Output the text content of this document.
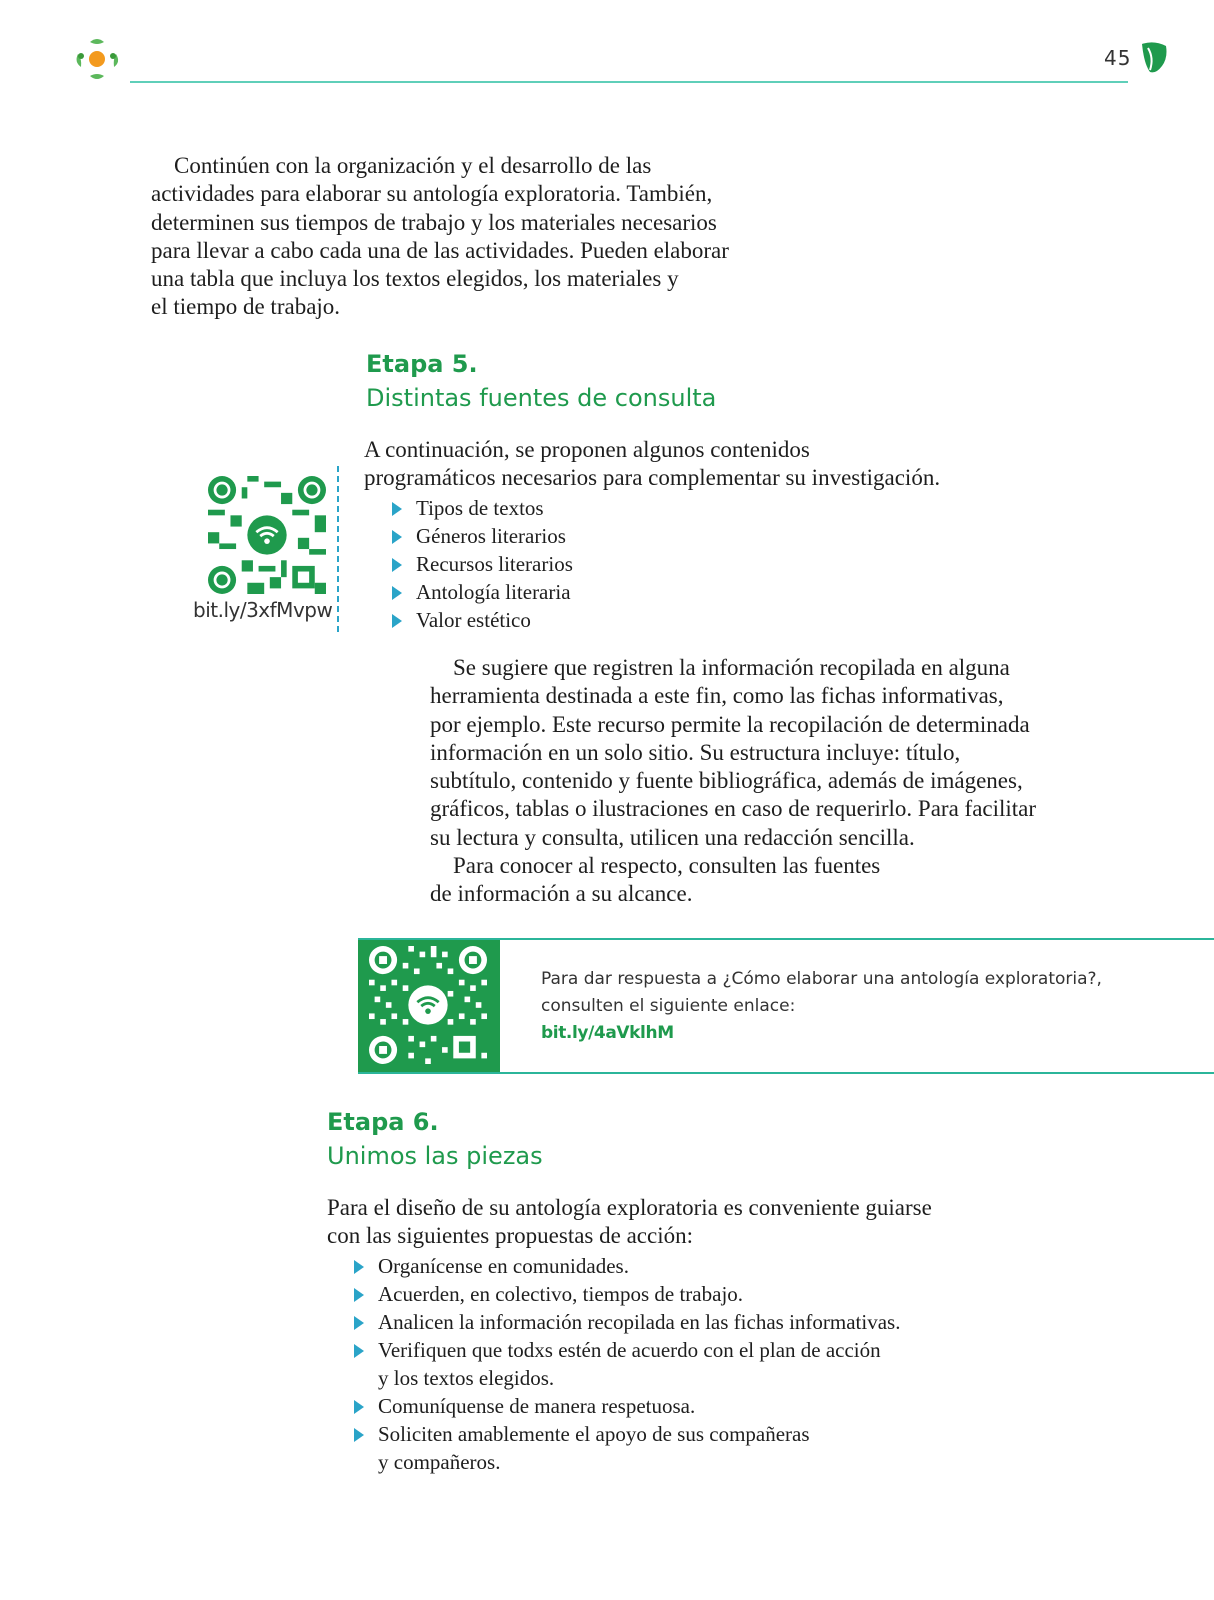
45

Continúen con la organización y el desarrollo de las

actividades para elaborar su antología exploratoria. También,

determinen sus tiempos de trabajo y los materiales necesarios

para llevar a cabo cada una de las actividades. Pueden elaborar

una tabla que incluya los textos elegidos, los materiales y

el tiempo de trabajo.

Etapa 5.
Distintas fuentes de consulta
bit.ly/3xfMvpw

A continuación, se proponen algunos contenidos

programáticos necesarios para complementar su investigación.

Tipos de textos
Géneros literarios
Recursos literarios
Antología literaria
Valor estético

Se sugiere que registren la información recopilada en alguna

herramienta destinada a este fin, como las fichas informativas,

por ejemplo. Este recurso permite la recopilación de determinada

información en un solo sitio. Su estructura incluye: título,

subtítulo, contenido y fuente bibliográfica, además de imágenes,

gráficos, tablas o ilustraciones en caso de requerirlo. Para facilitar

su lectura y consulta, utilicen una redacción sencilla.

Para conocer al respecto, consulten las fuentes

de información a su alcance.

Para dar respuesta a ¿Cómo elaborar una antología exploratoria?,
consulten el siguiente enlace:
bit.ly/4aVklhM
Etapa 6.
Unimos las piezas

Para el diseño de su antología exploratoria es conveniente guiarse

con las siguientes propuestas de acción:

Organícense en comunidades.
Acuerden, en colectivo, tiempos de trabajo.
Analicen la información recopilada en las fichas informativas.
Verifiquen que todxs estén de acuerdo con el plan de acción
y los textos elegidos.
Comuníquense de manera respetuosa.
Soliciten amablemente el apoyo de sus compañeras
y compañeros.
